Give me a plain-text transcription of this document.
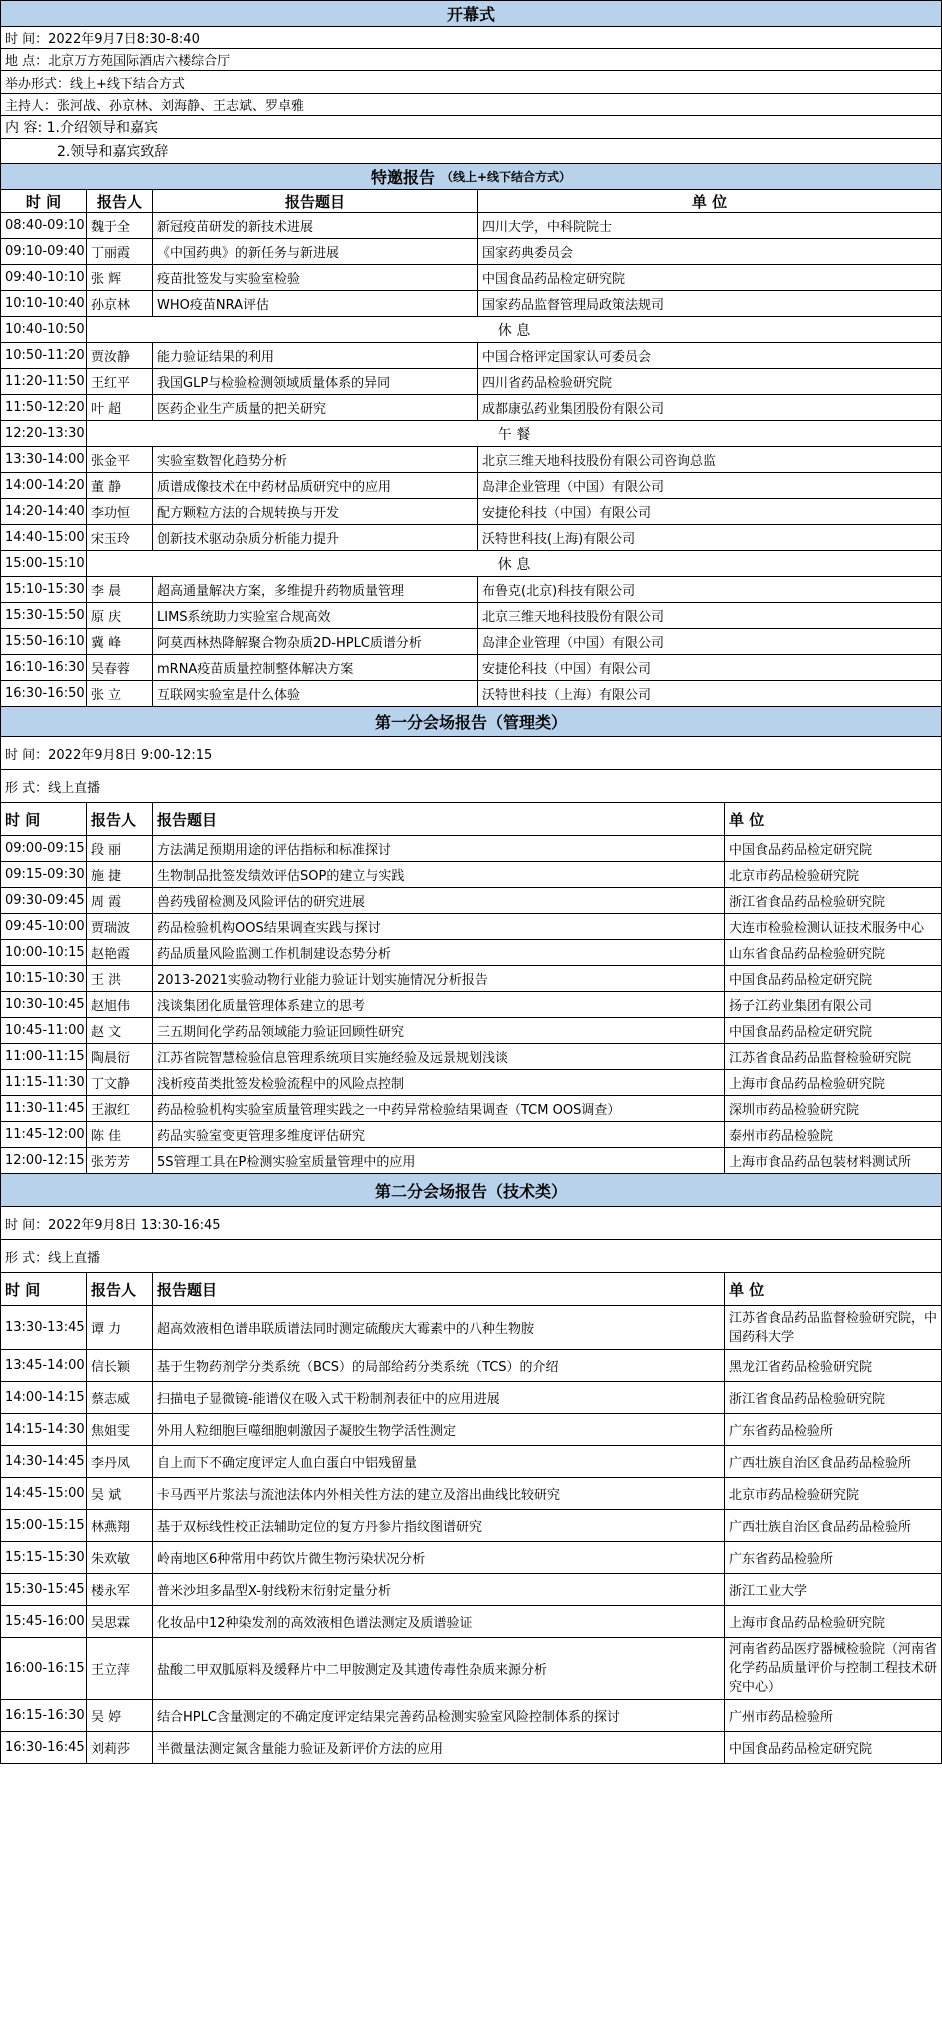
开幕式
时 间：2022年9月7日8:30-8:40
地 点：北京万方苑国际酒店六楼综合厅
举办形式：线上+线下结合方式
主持人：张河战、孙京林、刘海静、王志斌、罗卓雅
内 容: 1.介绍领导和嘉宾
2.领导和嘉宾致辞
特邀报告 （线上+线下结合方式）
时 间	报告人	报告题目	单 位
08:40-09:10 魏于全	新冠疫苗研发的新技术进展	四川大学，中科院院士
09:10-09:40 丁丽霞	《中国药典》的新任务与新进展	国家药典委员会
09:40-10:10 张 辉	疫苗批签发与实验室检验	中国食品药品检定研究院
10:10-10:40 孙京林	WHO疫苗NRA评估	国家药品监督管理局政策法规司
10:40-10:50	休 息
10:50-11:20 贾汝静	能力验证结果的利用	中国合格评定国家认可委员会
11:20-11:50 王红平	我国GLP与检验检测领域质量体系的异同	四川省药品检验研究院
11:50-12:20 叶 超	医药企业生产质量的把关研究	成都康弘药业集团股份有限公司
12:20-13:30	午 餐
13:30-14:00 张金平	实验室数智化趋势分析	北京三维天地科技股份有限公司咨询总监
14:00-14:20 董 静	质谱成像技术在中药材品质研究中的应用	岛津企业管理（中国）有限公司
14:20-14:40 李功恒	配方颗粒方法的合规转换与开发	安捷伦科技（中国）有限公司
14:40-15:00 宋玉玲	创新技术驱动杂质分析能力提升	沃特世科技(上海)有限公司
15:00-15:10	休 息
15:10-15:30 李 晨	超高通量解决方案，多维提升药物质量管理	布鲁克(北京)科技有限公司
15:30-15:50 原 庆	LIMS系统助力实验室合规高效	北京三维天地科技股份有限公司
15:50-16:10 冀 峰	阿莫西林热降解聚合物杂质2D-HPLC质谱分析	岛津企业管理（中国）有限公司
16:10-16:30 吴春蓉	mRNA疫苗质量控制整体解决方案	安捷伦科技（中国）有限公司
16:30-16:50 张 立	互联网实验室是什么体验	沃特世科技（上海）有限公司
第一分会场报告（管理类）
时 间：2022年9月8日 9:00-12:15
形 式：线上直播
时 间	报告人	报告题目	单 位
09:00-09:15 段 丽	方法满足预期用途的评估指标和标准探讨	中国食品药品检定研究院
09:15-09:30 施 捷	生物制品批签发绩效评估SOP的建立与实践	北京市药品检验研究院
09:30-09:45 周 霞	兽药残留检测及风险评估的研究进展	浙江省食品药品检验研究院
09:45-10:00 贾瑞波	药品检验机构OOS结果调查实践与探讨	大连市检验检测认证技术服务中心
10:00-10:15 赵艳霞	药品质量风险监测工作机制建设态势分析	山东省食品药品检验研究院
10:15-10:30 王 洪	2013-2021实验动物行业能力验证计划实施情况分析报告	中国食品药品检定研究院
10:30-10:45 赵旭伟	浅谈集团化质量管理体系建立的思考	扬子江药业集团有限公司
10:45-11:00 赵 文	三五期间化学药品领域能力验证回顾性研究	中国食品药品检定研究院
11:00-11:15 陶晨衍	江苏省院智慧检验信息管理系统项目实施经验及远景规划浅谈	江苏省食品药品监督检验研究院
11:15-11:30 丁文静	浅析疫苗类批签发检验流程中的风险点控制	上海市食品药品检验研究院
11:30-11:45 王淑红	药品检验机构实验室质量管理实践之一中药异常检验结果调查（TCM OOS调查）	深圳市药品检验研究院
11:45-12:00 陈 佳	药品实验室变更管理多维度评估研究	泰州市药品检验院
12:00-12:15 张芳芳	5S管理工具在P检测实验室质量管理中的应用	上海市食品药品包装材料测试所
第二分会场报告（技术类）
时 间：2022年9月8日 13:30-16:45
形 式：线上直播
时 间	报告人	报告题目	单 位
13:30-13:45 谭 力	超高效液相色谱串联质谱法同时测定硫酸庆大霉素中的八种生物胺
江苏省食品药品监督检验研究院，中国药科大学
13:45-14:00 信长颖	基于生物药剂学分类系统（BCS）的局部给药分类系统（TCS）的介绍	黑龙江省药品检验研究院
14:00-14:15 蔡志威	扫描电子显微镜-能谱仪在吸入式干粉制剂表征中的应用进展	浙江省食品药品检验研究院
14:15-14:30 焦姐雯	外用人粒细胞巨噬细胞刺激因子凝胶生物学活性测定	广东省药品检验所
14:30-14:45 李丹凤	自上而下不确定度评定人血白蛋白中铝残留量	广西壮族自治区食品药品检验所
14:45-15:00 吴 斌	卡马西平片浆法与流池法体内外相关性方法的建立及溶出曲线比较研究	北京市药品检验研究院
15:00-15:15 林燕翔	基于双标线性校正法辅助定位的复方丹参片指纹图谱研究	广西壮族自治区食品药品检验所
15:15-15:30 朱欢敏	岭南地区6种常用中药饮片微生物污染状况分析	广东省药品检验所
15:30-15:45 楼永军	普米沙坦多晶型X-射线粉末衍射定量分析	浙江工业大学
15:45-16:00 吴思霖	化妆品中12种染发剂的高效液相色谱法测定及质谱验证	上海市食品药品检验研究院
16:00-16:15 王立萍	盐酸二甲双胍原料及缓释片中二甲胺测定及其遗传毒性杂质来源分析
河南省药品医疗器械检验院（河南省化学药品质量评价与控制工程技术研究中心）
16:15-16:30 吴 婷	结合HPLC含量测定的不确定度评定结果完善药品检测实验室风险控制体系的探讨	广州市药品检验所
16:30-16:45 刘莉莎	半微量法测定氮含量能力验证及新评价方法的应用	中国食品药品检定研究院
